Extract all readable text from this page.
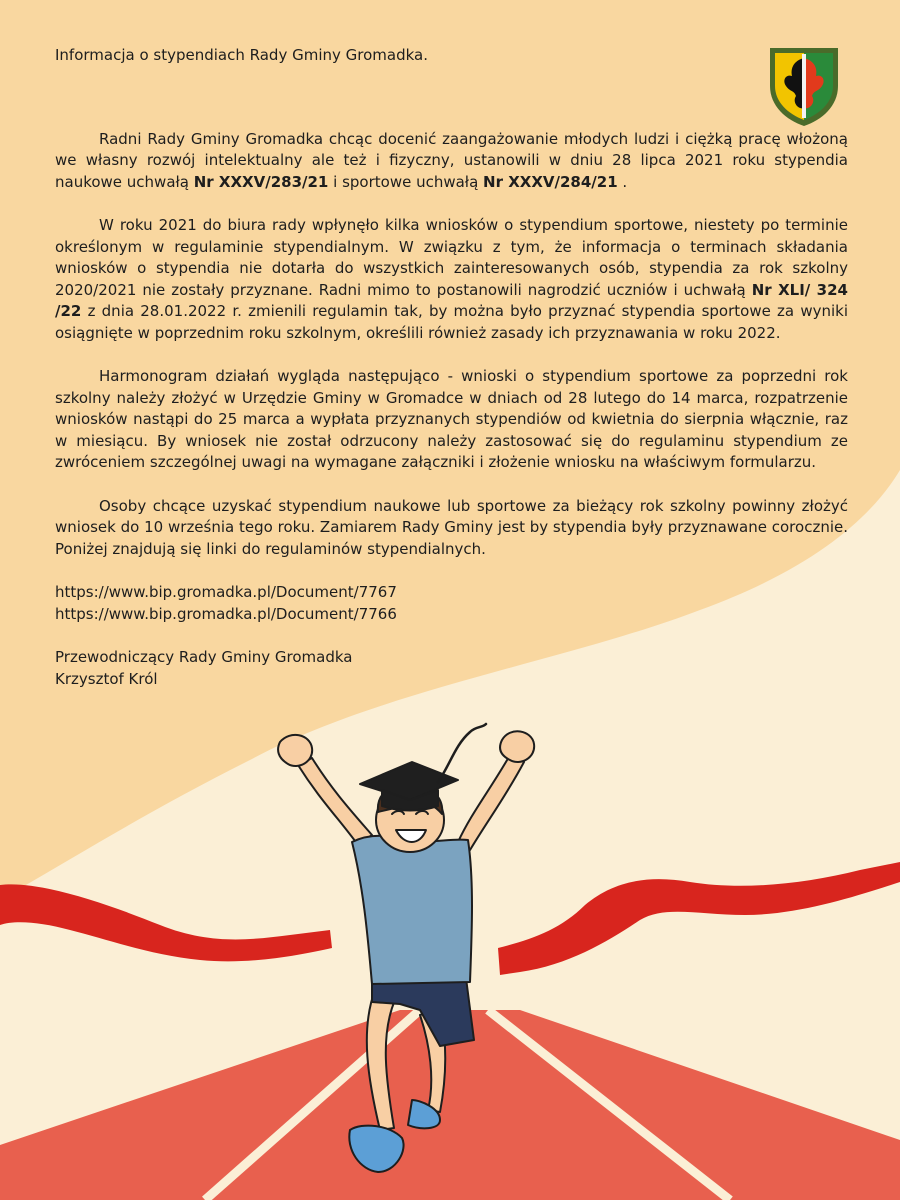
Informacja o stypendiach Rady Gminy Gromadka.

Radni Rady Gminy Gromadka chcąc docenić zaangażowanie młodych ludzi i ciężką pracę włożoną we własny rozwój intelektualny ale też i fizyczny, ustanowili w dniu 28 lipca 2021 roku stypendia naukowe uchwałą Nr XXXV/283/21 i sportowe uchwałą Nr XXXV/284/21 .

W roku 2021 do biura rady wpłynęło kilka wniosków o stypendium sportowe, niestety po terminie określonym w regulaminie stypendialnym. W związku z tym, że informacja o terminach składania wniosków o stypendia nie dotarła do wszystkich zainteresowanych osób, stypendia za rok szkolny 2020/2021 nie zostały przyznane. Radni mimo to postanowili nagrodzić uczniów i uchwałą Nr XLI/ 324 /22 z dnia 28.01.2022 r. zmienili regulamin tak, by można było przyznać stypendia sportowe za wyniki osiągnięte w poprzednim roku szkolnym, określili również zasady ich przyznawania w roku 2022.

Harmonogram działań wygląda następująco - wnioski o stypendium sportowe za poprzedni rok szkolny należy złożyć w Urzędzie Gminy w Gromadce w dniach od 28 lutego do 14 marca, rozpatrzenie wniosków nastąpi do 25 marca a wypłata przyznanych stypendiów od kwietnia do sierpnia włącznie, raz w miesiącu. By wniosek nie został odrzucony należy zastosować się do regulaminu stypendium ze zwróceniem szczególnej uwagi na wymagane załączniki i złożenie wniosku na właściwym formularzu.

Osoby chcące uzyskać stypendium naukowe lub sportowe za bieżący rok szkolny powinny złożyć wniosek do 10 września tego roku. Zamiarem Rady Gminy jest by stypendia były przyznawane corocznie. Poniżej znajdują się linki do regulaminów stypendialnych.

https://www.bip.gromadka.pl/Document/7767
https://www.bip.gromadka.pl/Document/7766
Przewodniczący Rady Gminy Gromadka
Krzysztof Król
